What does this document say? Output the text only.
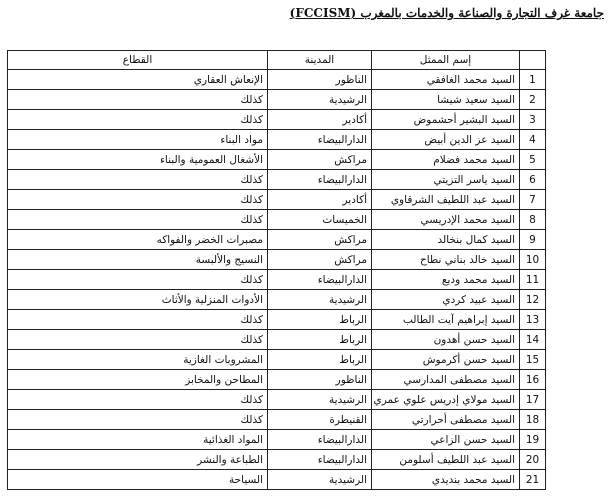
جامعة غرف التجارة والصناعة والخدمات بالمغرب (FCCISM)
	إسم الممثل	المدينة	القطاع
1	السيد محمد الغافقي	الناظور	الإنعاش العقاري
2	السيد سعيد شيشا	الرشيدية	كذلك
3	السيد البشير أحشموض	أكادير	كذلك
4	السيد عز الدين أبيض	الدارالبيضاء	مواد البناء
5	السيد محمد فضلام	مراكش	الأشغال العمومية والبناء
6	السيد ياسر التزيتي	الدارالبيضاء	كذلك
7	السيد عبد اللطيف الشرقاوي	أكادير	كذلك
8	السيد محمد الإدريسي	الخميسات	كذلك
9	السيد كمال بنخالد	مراكش	مصبرات الخضر والفواكه
10	السيد خالد بناني نطاح	مراكش	النسيج والألبسة
11	السيد محمد وديع	الدارالبيضاء	كذلك
12	السيد عبيد كردي	الرشيدية	الأدوات المنزلية والأثاث
13	السيد إبراهيم آيت الطالب	الرباط	كذلك
14	السيد حسن أهدون	الرباط	كذلك
15	السيد حسن أكرموش	الرباط	المشروبات الغازية
16	السيد مصطفى المدارسي	الناظور	المطاحن والمخابز
17	السيد مولاي إدريس علوي عمري	الرشيدية	كذلك
18	السيد مصطفى أحرارتي	القنيطرة	كذلك
19	السيد حسن الزاعي	الدارالبيضاء	المواد الغذائية
20	السيد عبد اللطيف أسلومن	الدارالبيضاء	الطباعة والنشر
21	السيد محمد بنديدي	الرشيدية	السياحة
